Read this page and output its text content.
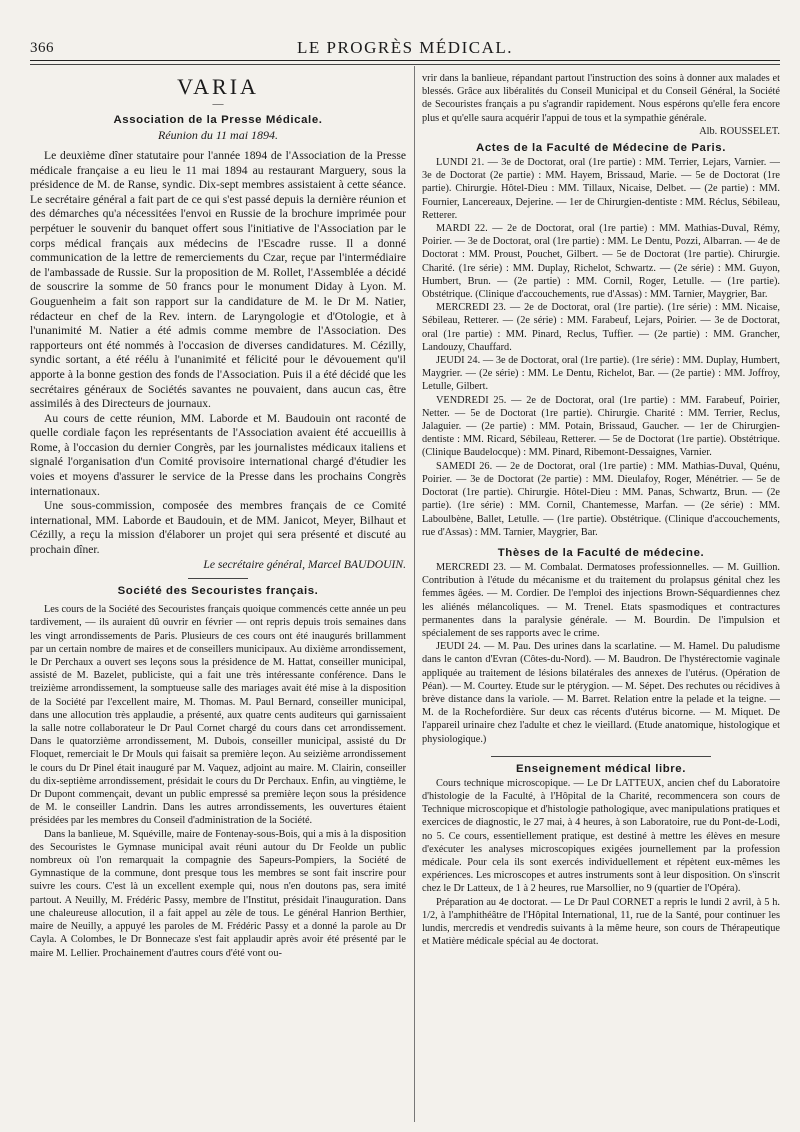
366	LE PROGRÈS MÉDICAL.
VARIA
—
Association de la Presse Médicale.
Réunion du 11 mai 1894.

Le deuxième dîner statutaire pour l'année 1894 de l'Association de la Presse médicale française a eu lieu le 11 mai 1894 au restaurant Marguery, sous la présidence de M. de Ranse, syndic. Dix-sept membres assistaient à cette séance. Le secrétaire général a fait part de ce qui s'est passé depuis la dernière réunion et des démarches qu'a nécessitées l'envoi en Russie de la brochure imprimée pour perpétuer le souvenir du banquet offert sous l'initiative de l'Association par le corps médical français aux médecins de l'Escadre russe. Il a donné communication de la lettre de remerciements du Czar, reçue par l'intermédiaire de l'ambassade de Russie. Sur la proposition de M. Rollet, l'Assemblée a décidé de souscrire la somme de 50 francs pour le monument Diday à Lyon. M. Gouguenheim a fait son rapport sur la candidature de M. le Dr M. Natier, rédacteur en chef de la Rev. intern. de Laryngologie et d'Otologie, et à l'unanimité M. Natier a été admis comme membre de l'Association. Des rapporteurs ont été nommés à l'occasion de diverses candidatures. M. Cézilly, syndic sortant, a été réélu à l'unanimité et félicité pour le dévouement qu'il apporte à la bonne gestion des fonds de l'Association. Puis il a été décidé que les secrétaires généraux de Sociétés savantes ne pouvaient, dans aucun cas, être assimilés à des Directeurs de journaux.

Au cours de cette réunion, MM. Laborde et M. Baudouin ont raconté de quelle cordiale façon les représentants de l'Association avaient été accueillis à Rome, à l'occasion du dernier Congrès, par les journalistes médicaux italiens et signalé l'organisation d'un Comité provisoire international chargé d'étudier les voies et moyens d'assurer le service de la Presse dans les prochains Congrès internationaux.

Une sous-commission, composée des membres français de ce Comité international, MM. Laborde et Baudouin, et de MM. Janicot, Meyer, Bilhaut et Cézilly, a reçu la mission d'élaborer un projet qui sera présenté et discuté au prochain dîner.

Le secrétaire général, Marcel BAUDOUIN.
Société des Secouristes français.

Les cours de la Société des Secouristes français quoique commencés cette année un peu tardivement, — ils auraient dû ouvrir en février — ont repris depuis trois semaines dans les vingt arrondissements de Paris. Plusieurs de ces cours ont été inaugurés brillamment par un certain nombre de maires et de conseillers municipaux. Au dixième arrondissement, le Dr Perchaux a ouvert ses leçons sous la présidence de M. Hattat, conseiller municipal, assisté de M. Bazelet, publiciste, qui a fait une très intéressante conférence. Dans le treizième arrondissement, la somptueuse salle des mariages avait été mise à la disposition de la Société par l'excellent maire, M. Thomas. M. Paul Bernard, conseiller municipal, dans une allocution très applaudie, a présenté, aux quatre cents auditeurs qui garnissaient la salle notre collaborateur le Dr Paul Cornet chargé du cours dans cet arrondissement. Dans le quatorzième arrondissement, M. Dubois, conseiller municipal, assisté du Dr Floquet, remerciait le Dr Mouls qui faisait sa première leçon. Au seizième arrondissement le cours du Dr Pinel était inauguré par M. Vaquez, adjoint au maire. M. Clairin, conseiller du dix-septième arrondissement, présidait le cours du Dr Perchaux. Enfin, au vingtième, le Dr Dupont commençait, devant un public empressé sa première leçon sous la présidence de M. le conseiller Landrin. Dans les autres arrondissements, les ouvertures étaient présidées par les membres du Conseil d'administration de la Société.

Dans la banlieue, M. Squéville, maire de Fontenay-sous-Bois, qui a mis à la disposition des Secouristes le Gymnase municipal avait réuni autour du Dr Feolde un public nombreux où l'on remarquait la compagnie des Sapeurs-Pompiers, la Société de Gymnastique de la commune, dont presque tous les membres se sont fait inscrire pour suivre les cours. C'est là un excellent exemple qui, nous n'en doutons pas, sera imité partout. A Neuilly, M. Frédéric Passy, membre de l'Institut, présidait l'inauguration. Dans une chaleureuse allocution, il a fait appel au zèle de tous. Le général Hanrion Berthier, maire de Neuilly, a appuyé les paroles de M. Frédéric Passy et a donné la parole au Dr Cayla. A Colombes, le Dr Bonnecaze s'est fait applaudir après avoir été présenté par le maire M. Lellier. Prochainement d'autres cours d'été vont ou-

vrir dans la banlieue, répandant partout l'instruction des soins à donner aux malades et blessés. Grâce aux libéralités du Conseil Municipal et du Conseil Général, la Société de Secouristes français a pu s'agrandir rapidement. Nous espérons qu'elle fera encore plus et qu'elle saura acquérir l'appui de tous et la sympathie générale.

Alb. ROUSSELET.
Actes de la Faculté de Médecine de Paris.

LUNDI 21. — 3e de Doctorat, oral (1re partie) : MM. Terrier, Lejars, Varnier. — 3e de Doctorat (2e partie) : MM. Hayem, Brissaud, Marie. — 5e de Doctorat (1re partie). Chirurgie. Hôtel-Dieu : MM. Tillaux, Nicaise, Delbet. — (2e partie) : MM. Fournier, Lancereaux, Dejerine. — 1er de Chirurgien-dentiste : MM. Réclus, Sébileau, Retterer.

MARDI 22. — 2e de Doctorat, oral (1re partie) : MM. Mathias-Duval, Rémy, Poirier. — 3e de Doctorat, oral (1re partie) : MM. Le Dentu, Pozzi, Albarran. — 4e de Doctorat : MM. Proust, Pouchet, Gilbert. — 5e de Doctorat (1re partie). Chirurgie. Charité. (1re série) : MM. Duplay, Richelot, Schwartz. — (2e série) : MM. Guyon, Humbert, Brun. — (2e partie) : MM. Cornil, Roger, Letulle. — (1re partie). Obstétrique. (Clinique d'accouchements, rue d'Assas) : MM. Tarnier, Maygrier, Bar.

MERCREDI 23. — 2e de Doctorat, oral (1re partie). (1re série) : MM. Nicaise, Sébileau, Retterer. — (2e série) : MM. Farabeuf, Lejars, Poirier. — 3e de Doctorat, oral (1re partie) : MM. Pinard, Reclus, Tuffier. — (2e partie) : MM. Grancher, Landouzy, Chauffard.

JEUDI 24. — 3e de Doctorat, oral (1re partie). (1re série) : MM. Duplay, Humbert, Maygrier. — (2e série) : MM. Le Dentu, Richelot, Bar. — (2e partie) : MM. Joffroy, Letulle, Gilbert.

VENDREDI 25. — 2e de Doctorat, oral (1re partie) : MM. Farabeuf, Poirier, Netter. — 5e de Doctorat (1re partie). Chirurgie. Charité : MM. Terrier, Reclus, Jalaguier. — (2e partie) : MM. Potain, Brissaud, Gaucher. — 1er de Chirurgien-dentiste : MM. Ricard, Sébileau, Retterer. — 5e de Doctorat (1re partie). Obstétrique. (Clinique Baudelocque) : MM. Pinard, Ribemont-Dessaignes, Varnier.

SAMEDI 26. — 2e de Doctorat, oral (1re partie) : MM. Mathias-Duval, Quénu, Poirier. — 3e de Doctorat (2e partie) : MM. Dieulafoy, Roger, Ménétrier. — 5e de Doctorat (1re partie). Chirurgie. Hôtel-Dieu : MM. Panas, Schwartz, Brun. — (2e partie). (1re série) : MM. Cornil, Chantemesse, Marfan. — (2e série) : MM. Laboulbène, Ballet, Letulle. — (1re partie). Obstétrique. (Clinique d'accouchements, rue d'Assas) : MM. Tarnier, Maygrier, Bar.

Thèses de la Faculté de médecine.

MERCREDI 23. — M. Combalat. Dermatoses professionnelles. — M. Guillion. Contribution à l'étude du mécanisme et du traitement du prolapsus génital chez les femmes âgées. — M. Cordier. De l'emploi des injections Brown-Séquardiennes chez les aliénés mélancoliques. — M. Trenel. Etats spasmodiques et contractures permanentes dans la paralysie générale. — M. Bourdin. De l'impulsion et spécialement de ses rapports avec le crime.

JEUDI 24. — M. Pau. Des urines dans la scarlatine. — M. Hamel. Du paludisme dans le canton d'Evran (Côtes-du-Nord). — M. Baudron. De l'hystérectomie vaginale appliquée au traitement de lésions bilatérales des annexes de l'utérus. (Opération de Péan). — M. Courtey. Etude sur le ptérygion. — M. Sépet. Des rechutes ou récidives à brève distance dans la variole. — M. Barret. Relation entre la pelade et la teigne. — M. de la Rochefordière. Sur deux cas récents d'utérus bicorne. — M. Miquet. De l'appareil urinaire chez l'adulte et chez le vieillard. (Etude anatomique, histologique et physiologique.)

Enseignement médical libre.

Cours technique microscopique. — Le Dr LATTEUX, ancien chef du Laboratoire d'histologie de la Faculté, à l'Hôpital de la Charité, recommencera son cours de Technique microscopique et d'histologie pathologique, avec manipulations pratiques et exercices de diagnostic, le 27 mai, à 4 heures, à son Laboratoire, rue du Pont-de-Lodi, no 5. Ce cours, essentiellement pratique, est destiné à mettre les élèves en mesure d'exécuter les analyses microscopiques exigées journellement par la profession médicale. Pour cela ils sont exercés individuellement et répètent eux-mêmes les expériences. Les microscopes et autres instruments sont à leur disposition. On s'inscrit chez le Dr Latteux, de 1 à 2 heures, rue Marsollier, no 9 (quartier de l'Opéra).

Préparation au 4e doctorat. — Le Dr Paul CORNET a repris le lundi 2 avril, à 5 h. 1/2, à l'amphithéâtre de l'Hôpital International, 11, rue de la Santé, pour continuer les lundis, mercredis et vendredis suivants à la même heure, son cours de Thérapeutique et Matière médicale spécial au 4e doctorat.
